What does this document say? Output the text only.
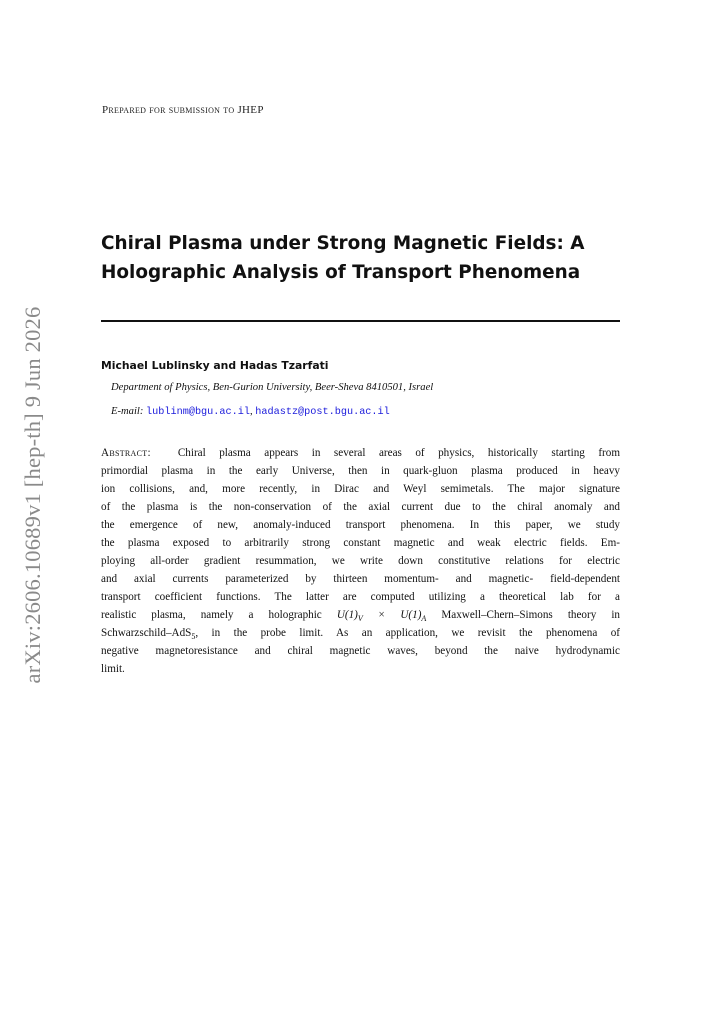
arXiv:2606.10689v1 [hep-th] 9 Jun 2026
Prepared for submission to JHEP
Chiral Plasma under Strong Magnetic Fields: A
Holographic Analysis of Transport Phenomena
Michael Lublinsky and Hadas Tzarfati
Department of Physics, Ben-Gurion University, Beer-Sheva 8410501, Israel
E-mail: lublinm@bgu.ac.il, hadastz@post.bgu.ac.il
Abstract: Chiral plasma appears in several areas of physics, historically starting from
primordial plasma in the early Universe, then in quark-gluon plasma produced in heavy
ion collisions, and, more recently, in Dirac and Weyl semimetals. The major signature
of the plasma is the non-conservation of the axial current due to the chiral anomaly and
the emergence of new, anomaly-induced transport phenomena. In this paper, we study
the plasma exposed to arbitrarily strong constant magnetic and weak electric fields. Em-
ploying all-order gradient resummation, we write down constitutive relations for electric
and axial currents parameterized by thirteen momentum- and magnetic- field-dependent
transport coefficient functions. The latter are computed utilizing a theoretical lab for a
realistic plasma, namely a holographic $U(1)_V \times U(1)_A$ Maxwell–Chern–Simons theory in
Schwarzschild–AdS$_5$, in the probe limit. As an application, we revisit the phenomena of
negative magnetoresistance and chiral magnetic waves, beyond the naive hydrodynamic
limit.
